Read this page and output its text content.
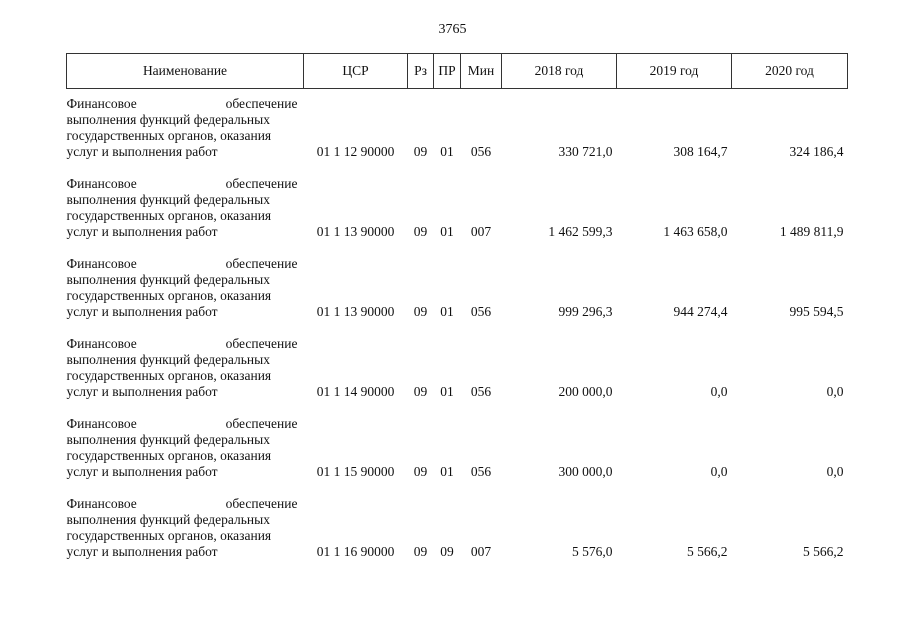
3765
Наименование	ЦСР	Рз	ПР	Мин	2018 год	2019 год	2020 год

Финансовое обеспечение
выполнения функций федеральных
государственных органов, оказания
услуг и выполнения работ	01 1 12 90000	09	01	056	330 721,0	308 164,7	324 186,4

Финансовое обеспечение
выполнения функций федеральных
государственных органов, оказания
услуг и выполнения работ	01 1 13 90000	09	01	007	1 462 599,3	1 463 658,0	1 489 811,9

Финансовое обеспечение
выполнения функций федеральных
государственных органов, оказания
услуг и выполнения работ	01 1 13 90000	09	01	056	999 296,3	944 274,4	995 594,5

Финансовое обеспечение
выполнения функций федеральных
государственных органов, оказания
услуг и выполнения работ	01 1 14 90000	09	01	056	200 000,0	0,0	0,0

Финансовое обеспечение
выполнения функций федеральных
государственных органов, оказания
услуг и выполнения работ	01 1 15 90000	09	01	056	300 000,0	0,0	0,0

Финансовое обеспечение
выполнения функций федеральных
государственных органов, оказания
услуг и выполнения работ	01 1 16 90000	09	09	007	5 576,0	5 566,2	5 566,2
